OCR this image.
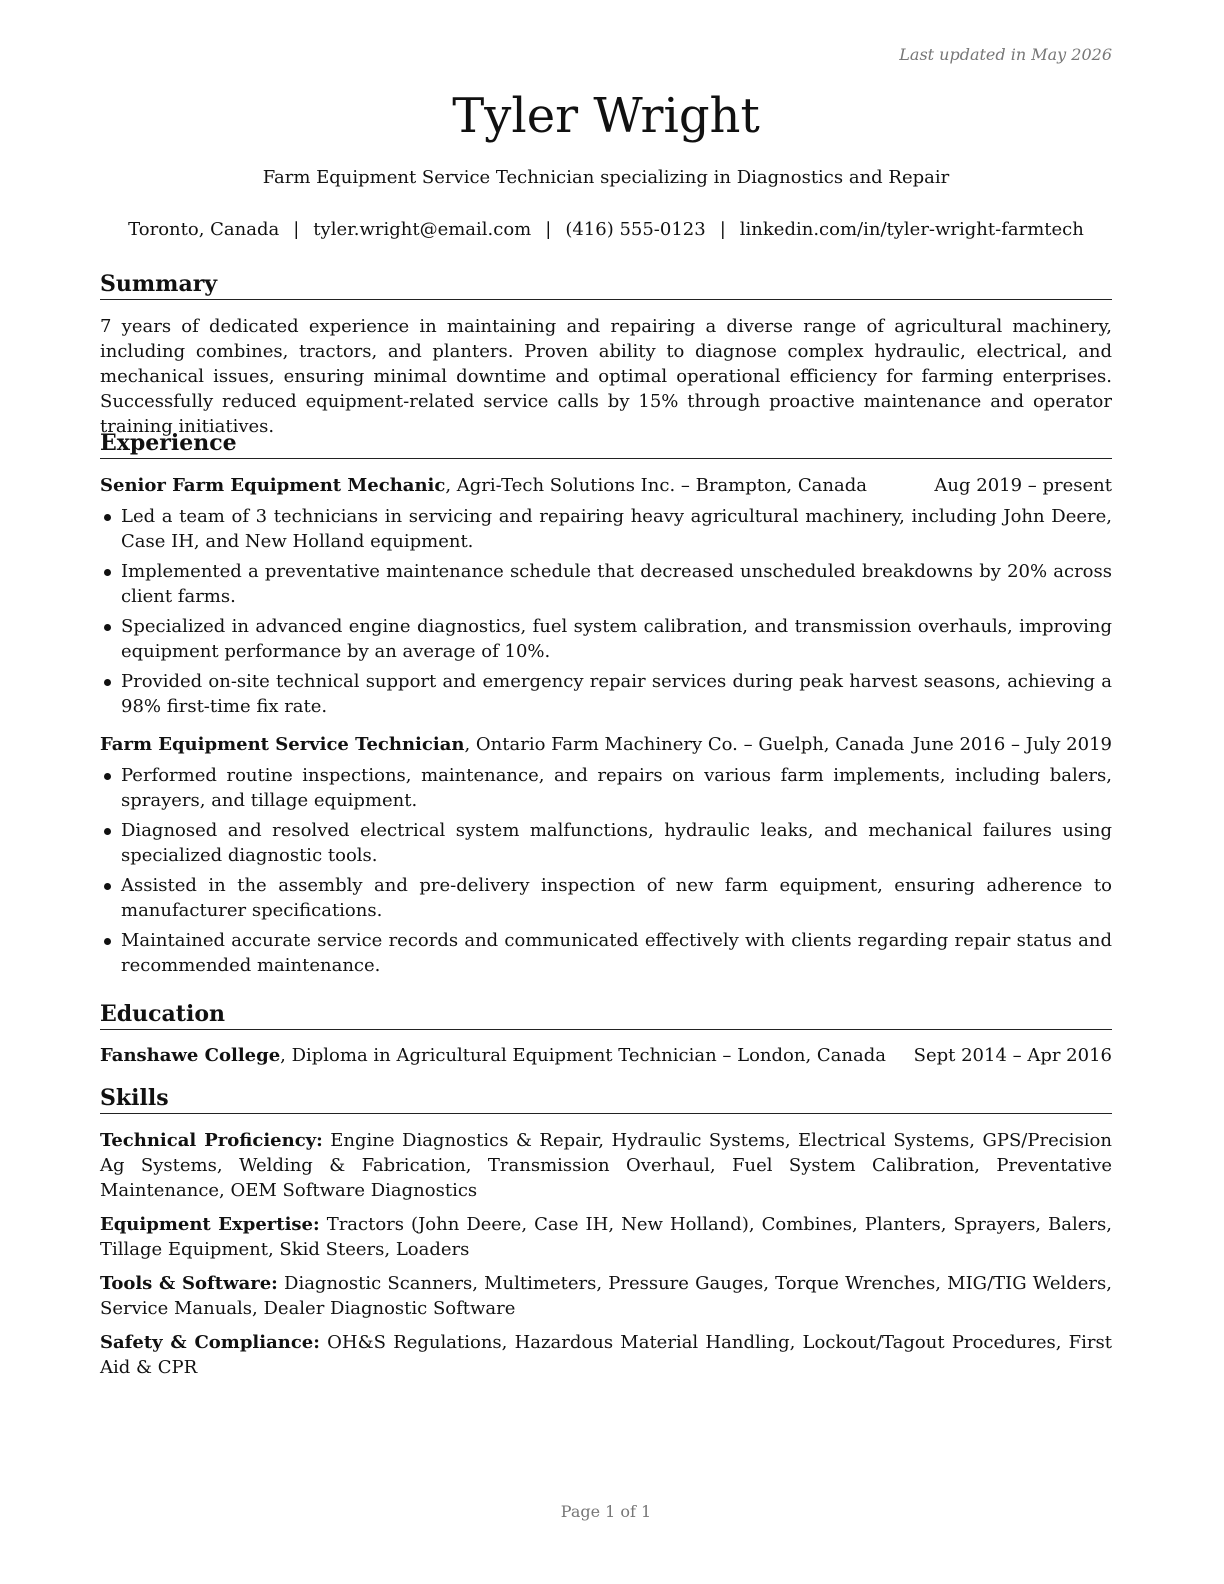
Last updated in May 2026
Tyler Wright
Farm Equipment Service Technician specializing in Diagnostics and Repair
Toronto, Canada | tyler.wright@email.com | (416) 555-0123 | linkedin.com/in/tyler-wright-farmtech
Summary

7 years of dedicated experience in maintaining and repairing a diverse range of agricultural machinery, including combines, tractors, and planters. Proven ability to diagnose complex hydraulic, electrical, and mechanical issues, ensuring minimal downtime and optimal operational efficiency for farming enterprises. Successfully reduced equipment-related service calls by 15% through proactive maintenance and operator training initiatives.

Experience
Senior Farm Equipment Mechanic, Agri-Tech Solutions Inc. – Brampton, Canada	Aug 2019 – present
Led a team of 3 technicians in servicing and repairing heavy agricultural machinery, including John Deere, Case IH, and New Holland equipment.
Implemented a preventative maintenance schedule that decreased unscheduled breakdowns by 20% across client farms.
Specialized in advanced engine diagnostics, fuel system calibration, and transmission overhauls, improving equipment performance by an average of 10%.
Provided on-site technical support and emergency repair services during peak harvest seasons, achieving a 98% first-time fix rate.
Farm Equipment Service Technician, Ontario Farm Machinery Co. – Guelph, Canada June 2016 – July 2019
Performed routine inspections, maintenance, and repairs on various farm implements, including balers, sprayers, and tillage equipment.
Diagnosed and resolved electrical system malfunctions, hydraulic leaks, and mechanical failures using specialized diagnostic tools.
Assisted in the assembly and pre-delivery inspection of new farm equipment, ensuring adherence to manufacturer specifications.
Maintained accurate service records and communicated effectively with clients regarding repair status and recommended maintenance.
Education
Fanshawe College, Diploma in Agricultural Equipment Technician – London, Canada Sept 2014 – Apr 2016
Skills

Technical Proficiency: Engine Diagnostics & Repair, Hydraulic Systems, Electrical Systems, GPS/Precision Ag Systems, Welding & Fabrication, Transmission Overhaul, Fuel System Calibration, Preventative Maintenance, OEM Software Diagnostics

Equipment Expertise: Tractors (John Deere, Case IH, New Holland), Combines, Planters, Sprayers, Balers, Tillage Equipment, Skid Steers, Loaders

Tools & Software: Diagnostic Scanners, Multimeters, Pressure Gauges, Torque Wrenches, MIG/TIG Welders, Service Manuals, Dealer Diagnostic Software

Safety & Compliance: OH&S Regulations, Hazardous Material Handling, Lockout/Tagout Procedures, First Aid & CPR

Page 1 of 1
